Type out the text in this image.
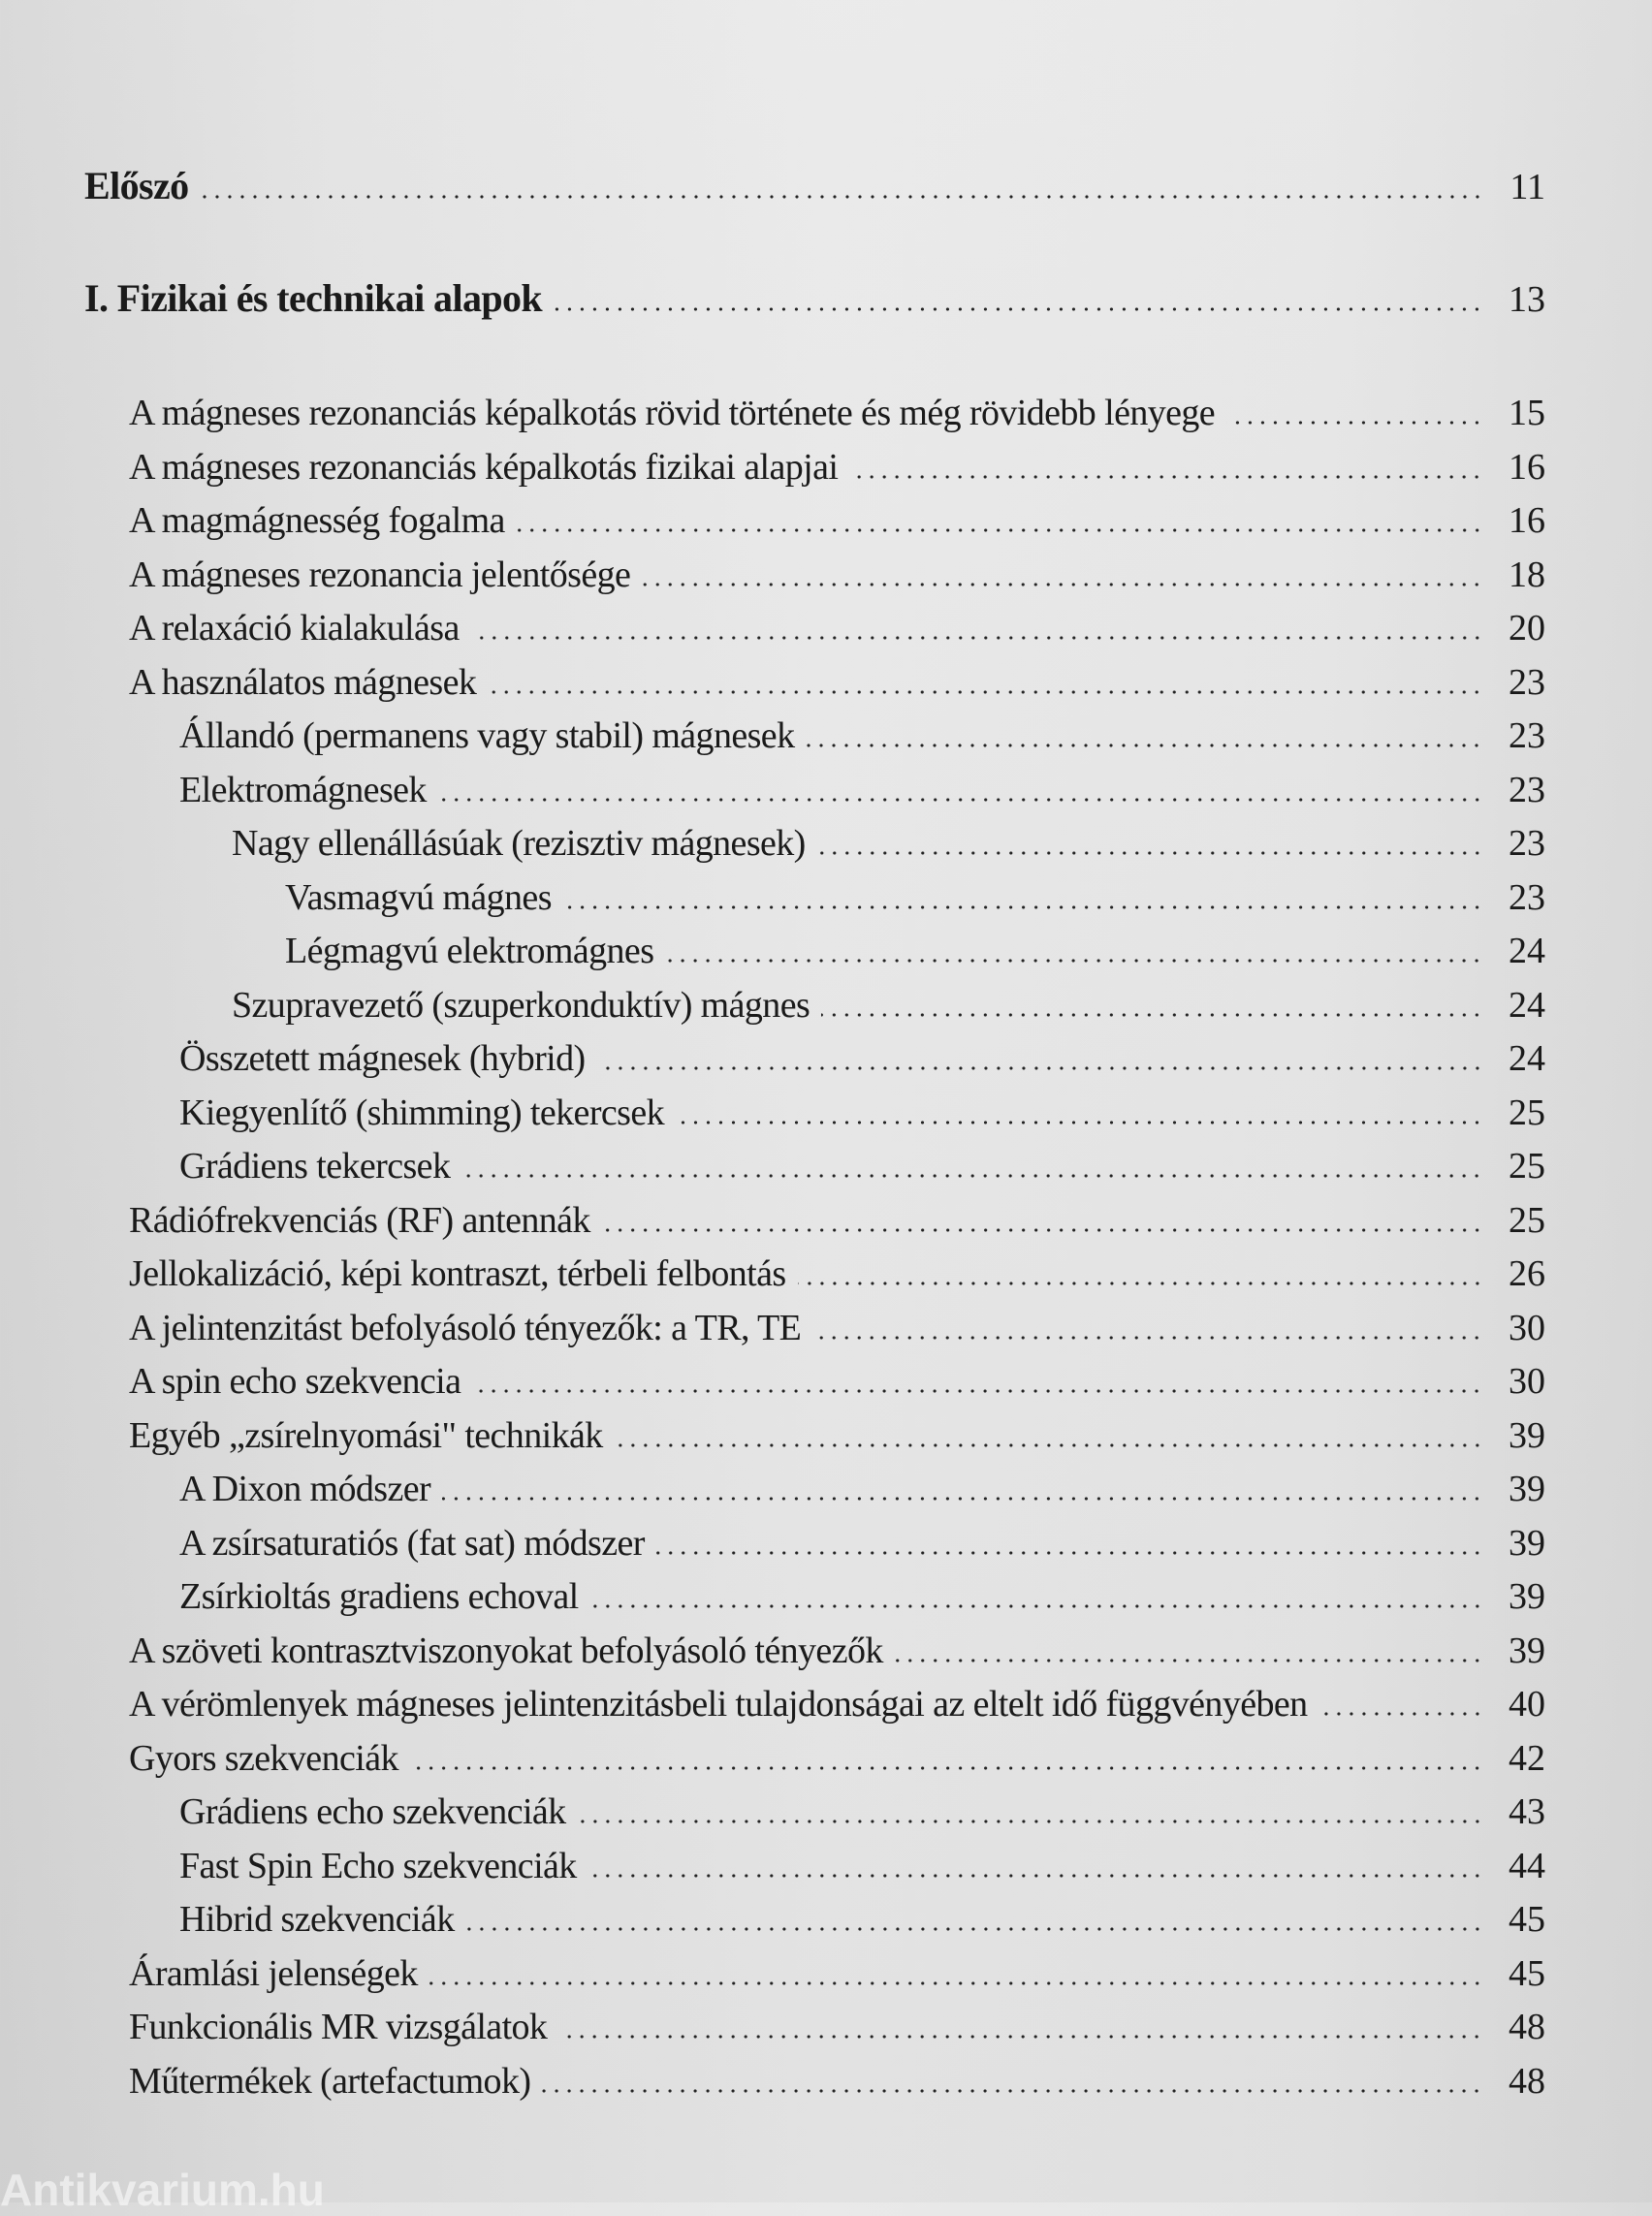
Antikvarium.hu
Előszó	11
I. Fizikai és technikai alapok	13
A mágneses rezonanciás képalkotás rövid története és még rövidebb lényege	15
A mágneses rezonanciás képalkotás fizikai alapjai	16
A magmágnesség fogalma	16
A mágneses rezonancia jelentősége	18
A relaxáció kialakulása	20
A használatos mágnesek	23
Állandó (permanens vagy stabil) mágnesek	23
Elektromágnesek	23
Nagy ellenállásúak (rezisztiv mágnesek)	23
Vasmagvú mágnes	23
Légmagvú elektromágnes	24
Szupravezető (szuperkonduktív) mágnes	24
Összetett mágnesek (hybrid)	24
Kiegyenlítő (shimming) tekercsek	25
Grádiens tekercsek	25
Rádiófrekvenciás (RF) antennák	25
Jellokalizáció, képi kontraszt, térbeli felbontás	26
A jelintenzitást befolyásoló tényezők: a TR, TE	30
A spin echo szekvencia	30
Egyéb „zsírelnyomási" technikák	39
A Dixon módszer	39
A zsírsaturatiós (fat sat) módszer	39
Zsírkioltás gradiens echoval	39
A szöveti kontrasztviszonyokat befolyásoló tényezők	39
A vérömlenyek mágneses jelintenzitásbeli tulajdonságai az eltelt idő függvényében	40
Gyors szekvenciák	42
Grádiens echo szekvenciák	43
Fast Spin Echo szekvenciák	44
Hibrid szekvenciák	45
Áramlási jelenségek	45
Funkcionális MR vizsgálatok	48
Műtermékek (artefactumok)	48
